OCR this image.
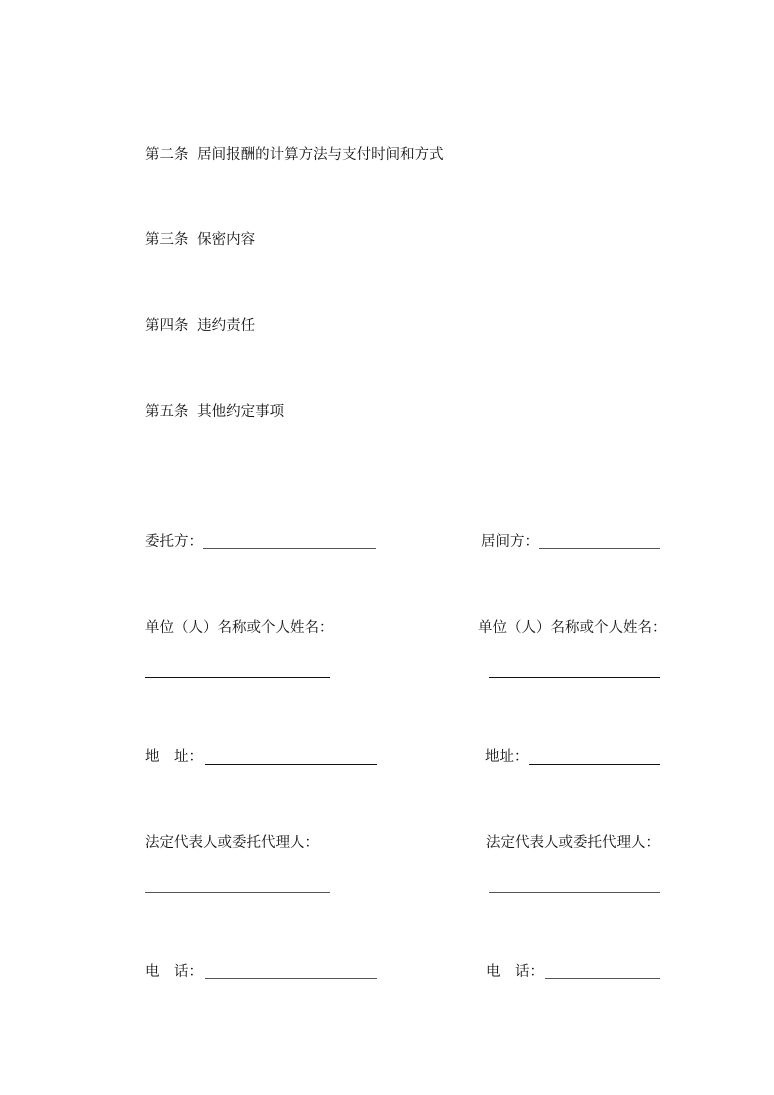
第二条 居间报酬的计算方法与支付时间和方式
第三条 保密内容
第四条 违约责任
第五条 其他约定事项
委托方：	居间方：
单位（人）名称或个人姓名：	单位（人）名称或个人姓名：
地　址：	地址：
法定代表人或委托代理人：	法定代表人或委托代理人：
电　话：	电　话：
